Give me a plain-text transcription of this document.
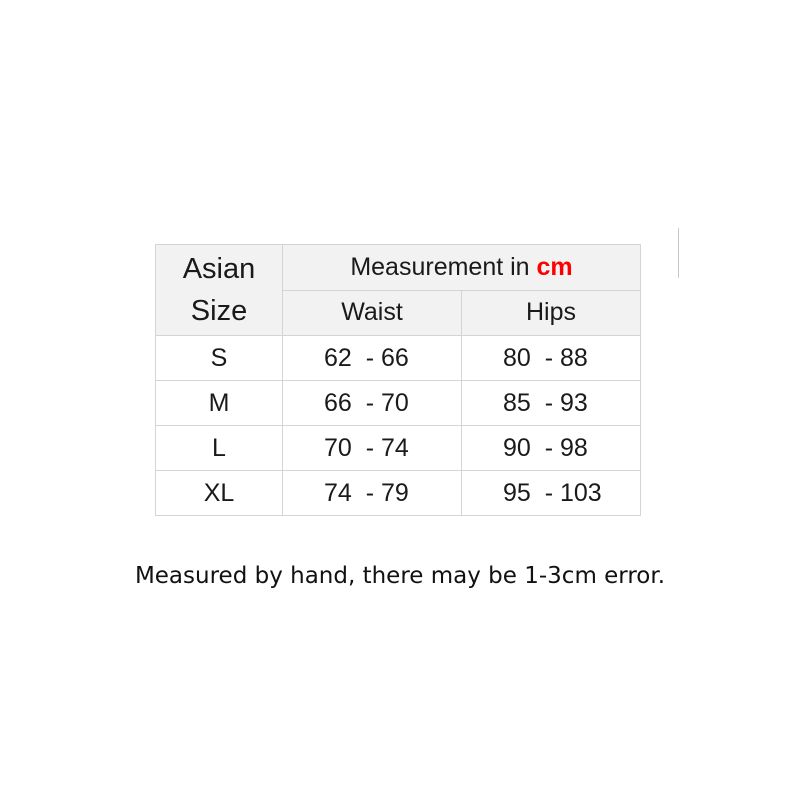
Asian
Size	Measurement in cm	
	Waist	Hips
S	62  - 66	80  - 88
M	66  - 70	85  - 93
L	70  - 74	90  - 98
XL	74  - 79	95  - 103
Measured by hand, there may be 1-3cm error.
